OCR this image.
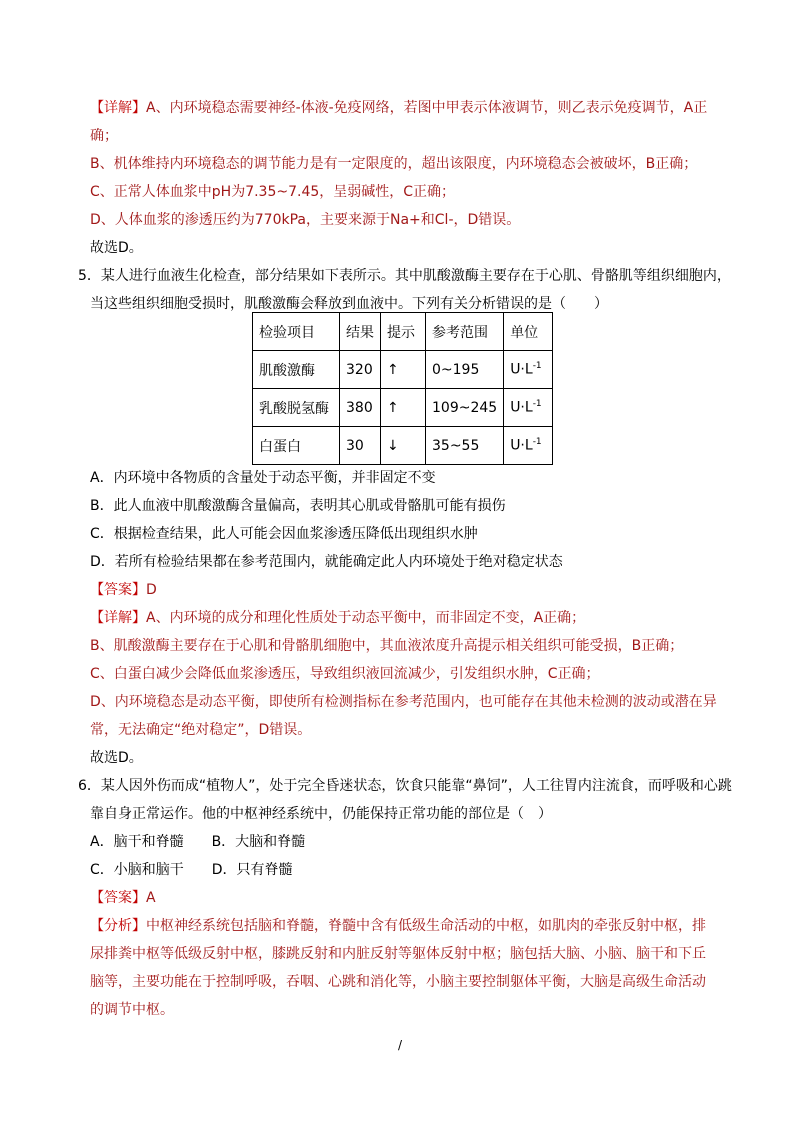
【详解】A、内环境稳态需要神经-体液-免疫网络，若图中甲表示体液调节，则乙表示免疫调节，A正
确；
B、机体维持内环境稳态的调节能力是有一定限度的，超出该限度，内环境稳态会被破坏，B正确；
C、正常人体血浆中pH为7.35~7.45，呈弱碱性，C正确；
D、人体血浆的渗透压约为770kPa，主要来源于Na+和Cl-，D错误。
故选D。
5．某人进行血液生化检查，部分结果如下表所示。其中肌酸激酶主要存在于心肌、骨骼肌等组织细胞内，
当这些组织细胞受损时，肌酸激酶会释放到血液中。下列有关分析错误的是（　　）
检验项目	结果	提示	参考范围	单位
肌酸激酶	320	↑	0~195	$U\cdot L^{-1}$
乳酸脱氢酶	380	↑	109~245	$U\cdot L^{-1}$
白蛋白	30	↓	35~55	$U\cdot L^{-1}$
A．内环境中各物质的含量处于动态平衡，并非固定不变
B．此人血液中肌酸激酶含量偏高，表明其心肌或骨骼肌可能有损伤
C．根据检查结果，此人可能会因血浆渗透压降低出现组织水肿
D．若所有检验结果都在参考范围内，就能确定此人内环境处于绝对稳定状态
【答案】D
【详解】A、内环境的成分和理化性质处于动态平衡中，而非固定不变，A正确；
B、肌酸激酶主要存在于心肌和骨骼肌细胞中，其血液浓度升高提示相关组织可能受损，B正确；
C、白蛋白减少会降低血浆渗透压，导致组织液回流减少，引发组织水肿，C正确；
D、内环境稳态是动态平衡，即使所有检测指标在参考范围内，也可能存在其他未检测的波动或潜在异
常，无法确定“绝对稳定”，D错误。
故选D。
6．某人因外伤而成“植物人”，处于完全昏迷状态，饮食只能靠“鼻饲”，人工往胃内注流食，而呼吸和心跳
靠自身正常运作。他的中枢神经系统中，仍能保持正常功能的部位是（　）
A．脑干和脊髓　　B．大脑和脊髓
C．小脑和脑干　　D．只有脊髓
【答案】A
【分析】中枢神经系统包括脑和脊髓，脊髓中含有低级生命活动的中枢，如肌肉的牵张反射中枢，排
尿排粪中枢等低级反射中枢，膝跳反射和内脏反射等躯体反射中枢；脑包括大脑、小脑、脑干和下丘
脑等，主要功能在于控制呼吸，吞咽、心跳和消化等，小脑主要控制躯体平衡，大脑是高级生命活动
的调节中枢。
/
